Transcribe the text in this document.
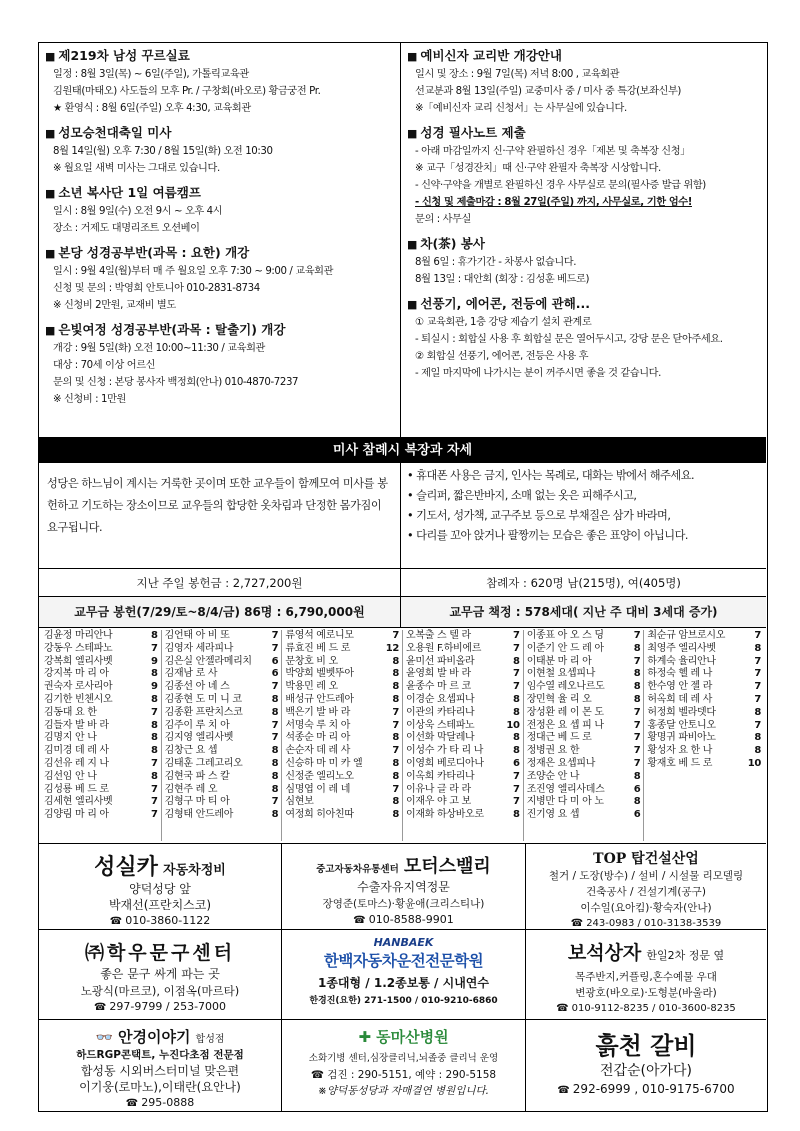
■ 제219차 남성 꾸르실료
일정 : 8월 3일(목) ~ 6일(주일), 가톨릭교육관
김원태(마태오) 사도들의 모후 Pr. / 구창회(바오로) 황금궁전 Pr.
★ 환영식 : 8월 6일(주일) 오후 4:30, 교육회관
■ 성모승천대축일 미사
8월 14일(월) 오후 7:30 / 8월 15일(화) 오전 10:30
※ 월요일 새벽 미사는 그대로 있습니다.
■ 소년 복사단 1일 여름캠프
일시 : 8월 9일(수) 오전 9시 ~ 오후 4시
장소 : 거제도 대명리조트 오션베이
■ 본당 성경공부반(과목 : 요한) 개강
일시 : 9월 4일(월)부터 매 주 월요일 오후 7:30 ~ 9:00 / 교육회관
신청 및 문의 : 박영희 안토니아 010-2831-8734
※ 신청비 2만원, 교재비 별도
■ 은빛여정 성경공부반(과목 : 탈출기) 개강
개강 : 9월 5일(화) 오전 10:00~11:30 / 교육회관
대상 : 70세 이상 어르신
문의 및 신청 : 본당 봉사자 백정희(안나) 010-4870-7237
※ 신청비 : 1만원
■ 예비신자 교리반 개강안내
일시 및 장소 : 9월 7일(목) 저녁 8:00 , 교육회관
선교분과 8월 13일(주일) 교중미사 중 / 미사 중 특강(보좌신부)
※「예비신자 교리 신청서」는 사무실에 있습니다.
■ 성경 필사노트 제출
- 아래 마감일까지 신·구약 완필하신 경우「제본 및 축복장 신청」
※ 교구「성경잔치」때 신·구약 완필자 축복장 시상합니다.
- 신약·구약을 개별로 완필하신 경우 사무실로 문의(필사증 발급 위함)
- 신청 및 제출마감 : 8월 27일(주일) 까지, 사무실로, 기한 엄수!
문의 : 사무실
■ 차(茶) 봉사
8월 6일 : 휴가기간 - 차봉사 없습니다.
8월 13일 : 대안회 (회장 : 김성훈 베드로)
■ 선풍기, 에어콘, 전등에 관해...
① 교육회관, 1층 강당 제습기 설치 관계로
- 퇴실시 : 회합실 사용 후 회합실 문은 열어두시고, 강당 문은 닫아주세요.
② 회합실 선풍기, 에어콘, 전등은 사용 후
- 제일 마지막에 나가시는 분이 꺼주시면 좋을 것 같습니다.
미사 참례시 복장과 자세
성당은 하느님이 계시는 거룩한 곳이며 또한 교우들이 함께모여 미사를 봉헌하고 기도하는 장소이므로 교우들의 합당한 옷차림과 단정한 몸가짐이 요구됩니다.
• 휴대폰 사용은 금지, 인사는 목례로, 대화는 밖에서 해주세요.
• 슬리퍼, 짧은반바지, 소매 없는 옷은 피해주시고,
• 기도서, 성가책, 교구주보 등으로 부채질은 삼가 바라며,
• 다리를 꼬아 앉거나 팔짱끼는 모습은 좋은 표양이 아닙니다.
지난 주일 봉헌금 : 2,727,200원	참례자 : 620명 남(215명), 여(405명)
교무금 봉헌(7/29/토~8/4/금) 86명 : 6,790,000원	교무금 책정 : 578세대( 지난 주 대비 3세대 증가)
김윤정 마리안나	8
강동우 스테파노	7
강복희 엘리사벳	9
강지복 마 리 아	8
권숙자 로사리아	9
김기한 빈첸시오	8
김동대 요 한	7
김들자 발 바 라	8
김명지 안 나	8
김미경 데 레 사	8
김선유 레 지 나	7
김선임 안 나	8
김성룡 베 드 로	7
김세현 엘리사벳	7
김양림 마 리 아	7
김언태 아 비 또	7
김영자 세라피나	7
김은실 안젤라메리치 6
김재남 로 사	6
김종선 아 녜 스	7
김종현 도 미 니 코	8
김종환 프란치스코	8
김주이 루 치 아	7
김지영 엘리사벳	7
김창근 요 셉	8
김태훈 그레고리오	8
김현국 파 스 칼	8
김현주 레 오	8
김형구 마 티 아	7
김형태 안드레아	8
류영석 예로니모	7
류효진 베 드 로	12
문창호 비 오	8
박양희 벨벳뚜아	8
박용민 레 오	8
배성규 안드레아	8
백은기 발 바 라	7
서명숙 루 치 아	7
석종순 마 리 아	8
손순자 데 레 사	7
신승하 마 미 카 엘	8
신정준 엘리노오	8
심명엽 이 레 네	7
심현보	8
여정희 히아친따	8
오복출 스 텔 라	7
오용원 F.하비에르	7
윤미선 파비올라	8
윤영희 발 바 라	7
윤종수 마 르 코	7
이경순 요셉피나	8
이관의 카타리나	8
이상욱 스테파노	10
이선화 막달레나	8
이성수 가 타 리 나	8
이영희 베로디아나	6
이옥희 카타리나	7
이유나 글 라 라	7
이재우 야 고 보	7
이재화 하상바오로	8
이종표 아 오 스 딩	7
이준기 안 드 레 아	8
이태분 마 리 아	7
이현철 요셉피나	8
임수열 레오나르도	8
장민혁 율 리 오	8
장성환 레 이 몬 도	7
전정은 요 셉 피 나	7
정대근 베 드 로	7
정병권 요 한	7
정재은 요셉피나	7
조양순 안 나	8
조진영 엘리사데스	6
지병만 다 미 아 노	8
진기영 요 셉	6
최순규 암브로시오	7
최영주 엘리사벳	8
하계숙 율리안나	7
하정숙 헬 레 나	7
한수영 안 젤 라	7
허옥희 데 레 사	7
허정희 벨라뎃다	8
홍종달 안토니오	7
황명귀 파비아노	8
황성자 요 한 나	8
황재호 베 드 로	10
성실카 자동차정비
양덕성당 앞
박재선(프란치스코)
☎ 010-3860-1122
중고자동차유통센터 모터스밸리
수출자유지역정문
장영준(토마스)·황윤애(크리스티나)
☎ 010-8588-9901
TOP 탑건설산업
철거 / 도장(방수) / 설비 / 시설물 리모델링
건축공사 / 건설기계(공구)
이수일(요아킴)·황숙자(안나)
☎ 243-0983 / 010-3138-3539
㈜학우문구센터
좋은 문구 싸게 파는 곳
노광식(마르코), 이점옥(마르타)
☎ 297-9799 / 253-7000
HANBAEK
한백자동차운전전문학원
1종대형 / 1.2종보통 / 시내연수
한경진(요한) 271-1500 / 010-9210-6860
보석상자 한일2차 정문 옆
목주반지,커플링,혼수예물 우대
변광호(바오로)·도형분(바울라)
☎ 010-9112-8235 / 010-3600-8235
👓 안경이야기 합성점
하드RGP콘택트, 누진다초점 전문점
합성동 시외버스터미널 맞은편
이기웅(로마노),이태란(요안나)
☎ 295-0888
✚ 동마산병원
소화기병 센터,심장클리닉,뇌졸중 클리닉 운영
☎ 검진 : 290-5151, 예약 : 290-5158
※양덕동성당과 자매결연 병원입니다.
흙천 갈비
전갑순(아가다)
☎ 292-6999 , 010-9175-6700
